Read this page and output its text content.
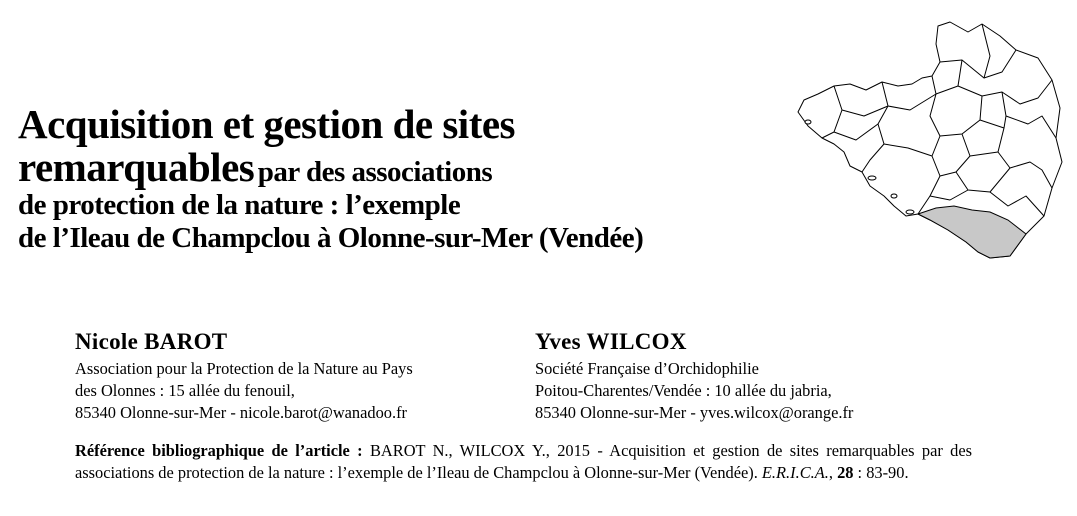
Acquisition et gestion de sites
remarquables par des associations
de protection de la nature : l’exemple
de l’Ileau de Champclou à Olonne-sur-Mer (Vendée)
Nicole BAROT
Association pour la Protection de la Nature au Pays
des Olonnes : 15 allée du fenouil,
85340 Olonne-sur-Mer - nicole.barot@wanadoo.fr
Yves WILCOX
Société Française d’Orchidophilie
Poitou-Charentes/Vendée : 10 allée du jabria,
85340 Olonne-sur-Mer - yves.wilcox@orange.fr
Référence bibliographique de l’article : BAROT N., WILCOX Y., 2015 - Acquisition et gestion de sites remarquables par des associations de protection de la nature : l’exemple de l’Ileau de Champclou à Olonne-sur-Mer (Vendée). E.R.I.C.A., 28 : 83-90.
